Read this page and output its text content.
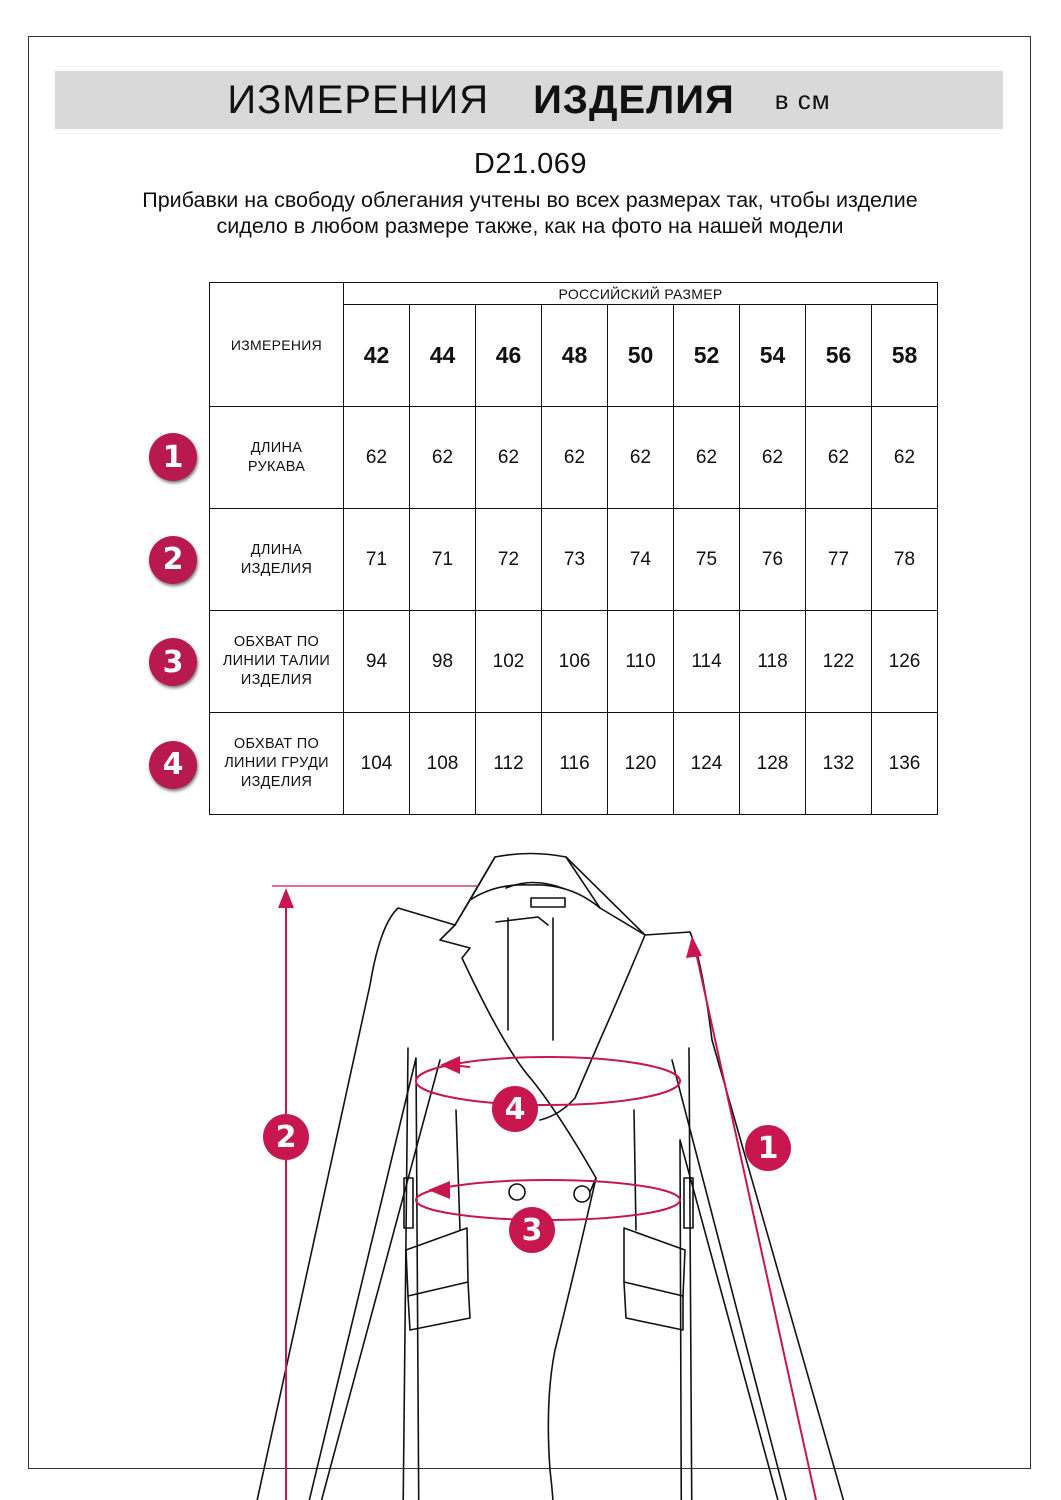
ИЗМЕРЕНИЯ ИЗДЕЛИЯ в см
D21.069
Прибавки на свободу облегания учтены во всех размерах так, чтобы изделие сидело в любом размере также, как на фото на нашей модели
ИЗМЕРЕНИЯ	РОССИЙСКИЙ РАЗМЕР								
	42	44	46	48	50	52	54	56	58

ДЛИНА
РУКАВА	62	62	62	62	62	62	62	62	62

ДЛИНА
ИЗДЕЛИЯ	71	71	72	73	74	75	76	77	78

ОБХВАТ ПО
ЛИНИИ ТАЛИИ
ИЗДЕЛИЯ	94	98	102	106	110	114	118	122	126

ОБХВАТ ПО
ЛИНИИ ГРУДИ
ИЗДЕЛИЯ	104	108	112	116	120	124	128	132	136
1
2
3
4
1
2
3
4
